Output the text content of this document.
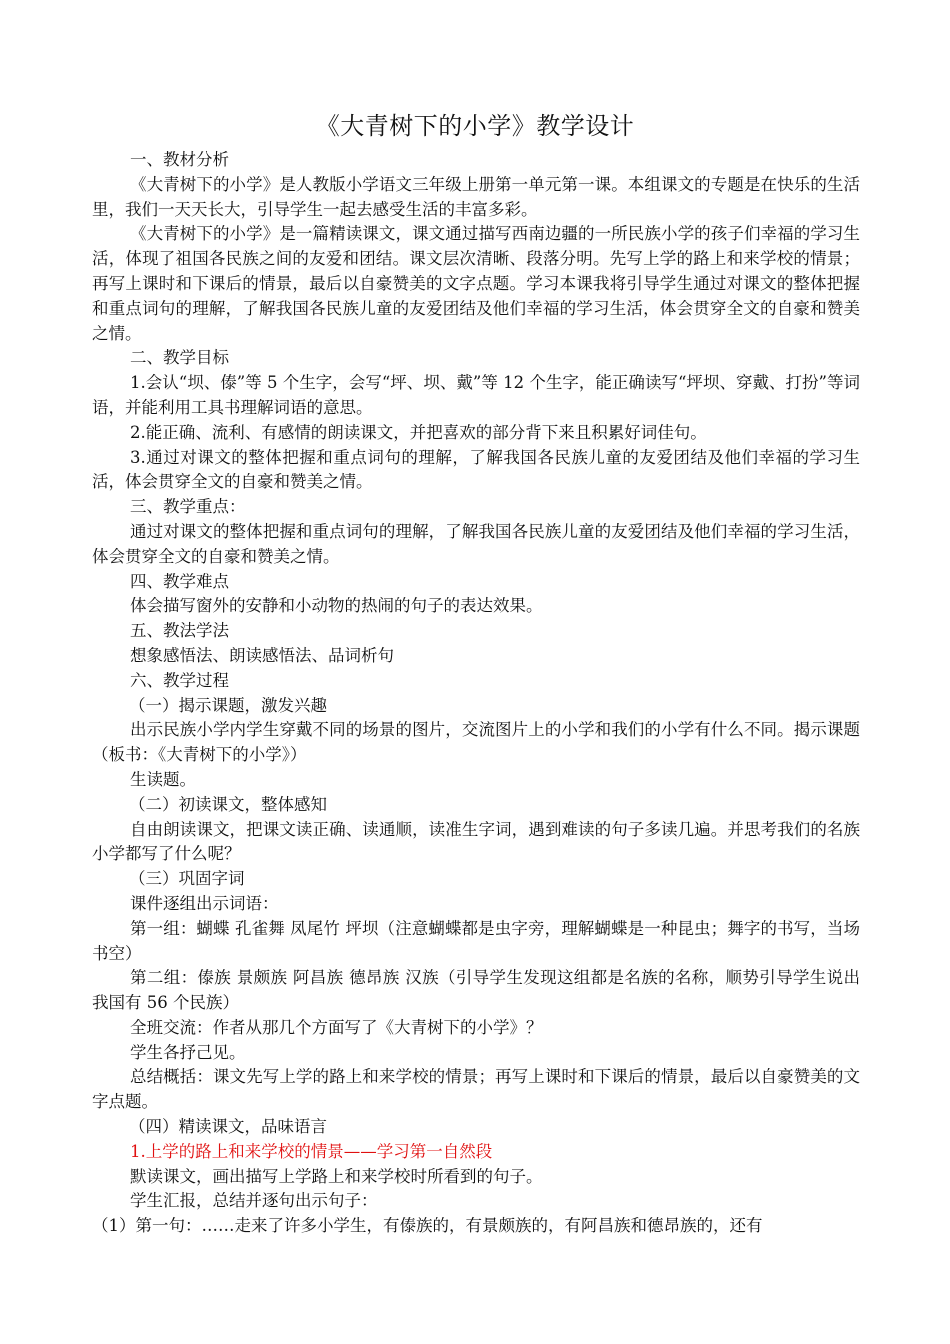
《大青树下的小学》教学设计

一、教材分析

《大青树下的小学》是人教版小学语文三年级上册第一单元第一课。本组课文的专题是在快乐的生活里，我们一天天长大，引导学生一起去感受生活的丰富多彩。

《大青树下的小学》是一篇精读课文，课文通过描写西南边疆的一所民族小学的孩子们幸福的学习生活，体现了祖国各民族之间的友爱和团结。课文层次清晰、段落分明。先写上学的路上和来学校的情景；再写上课时和下课后的情景，最后以自豪赞美的文字点题。学习本课我将引导学生通过对课文的整体把握和重点词句的理解，了解我国各民族儿童的友爱团结及他们幸福的学习生活，体会贯穿全文的自豪和赞美之情。

二、教学目标

1.会认“坝、傣”等 5 个生字，会写“坪、坝、戴”等 12 个生字，能正确读写“坪坝、穿戴、打扮”等词语，并能利用工具书理解词语的意思。

2.能正确、流利、有感情的朗读课文，并把喜欢的部分背下来且积累好词佳句。

3.通过对课文的整体把握和重点词句的理解，了解我国各民族儿童的友爱团结及他们幸福的学习生活，体会贯穿全文的自豪和赞美之情。

三、教学重点：

通过对课文的整体把握和重点词句的理解，了解我国各民族儿童的友爱团结及他们幸福的学习生活，体会贯穿全文的自豪和赞美之情。

四、教学难点

体会描写窗外的安静和小动物的热闹的句子的表达效果。

五、教法学法

想象感悟法、朗读感悟法、品词析句

六、教学过程

（一）揭示课题，激发兴趣

出示民族小学内学生穿戴不同的场景的图片，交流图片上的小学和我们的小学有什么不同。揭示课题（板书：《大青树下的小学》）

生读题。

（二）初读课文，整体感知

自由朗读课文，把课文读正确、读通顺，读准生字词，遇到难读的句子多读几遍。并思考我们的名族小学都写了什么呢？

（三）巩固字词

课件逐组出示词语：

第一组：蝴蝶 孔雀舞 凤尾竹 坪坝（注意蝴蝶都是虫字旁，理解蝴蝶是一种昆虫；舞字的书写，当场书空）

第二组：傣族 景颇族 阿昌族 德昂族 汉族（引导学生发现这组都是名族的名称，顺势引导学生说出我国有 56 个民族）

全班交流：作者从那几个方面写了《大青树下的小学》？

学生各抒己见。

总结概括：课文先写上学的路上和来学校的情景；再写上课时和下课后的情景，最后以自豪赞美的文字点题。

（四）精读课文，品味语言

1.上学的路上和来学校的情景——学习第一自然段

默读课文，画出描写上学路上和来学校时所看到的句子。

学生汇报，总结并逐句出示句子：

（1）第一句：……走来了许多小学生，有傣族的，有景颇族的，有阿昌族和德昂族的，还有
